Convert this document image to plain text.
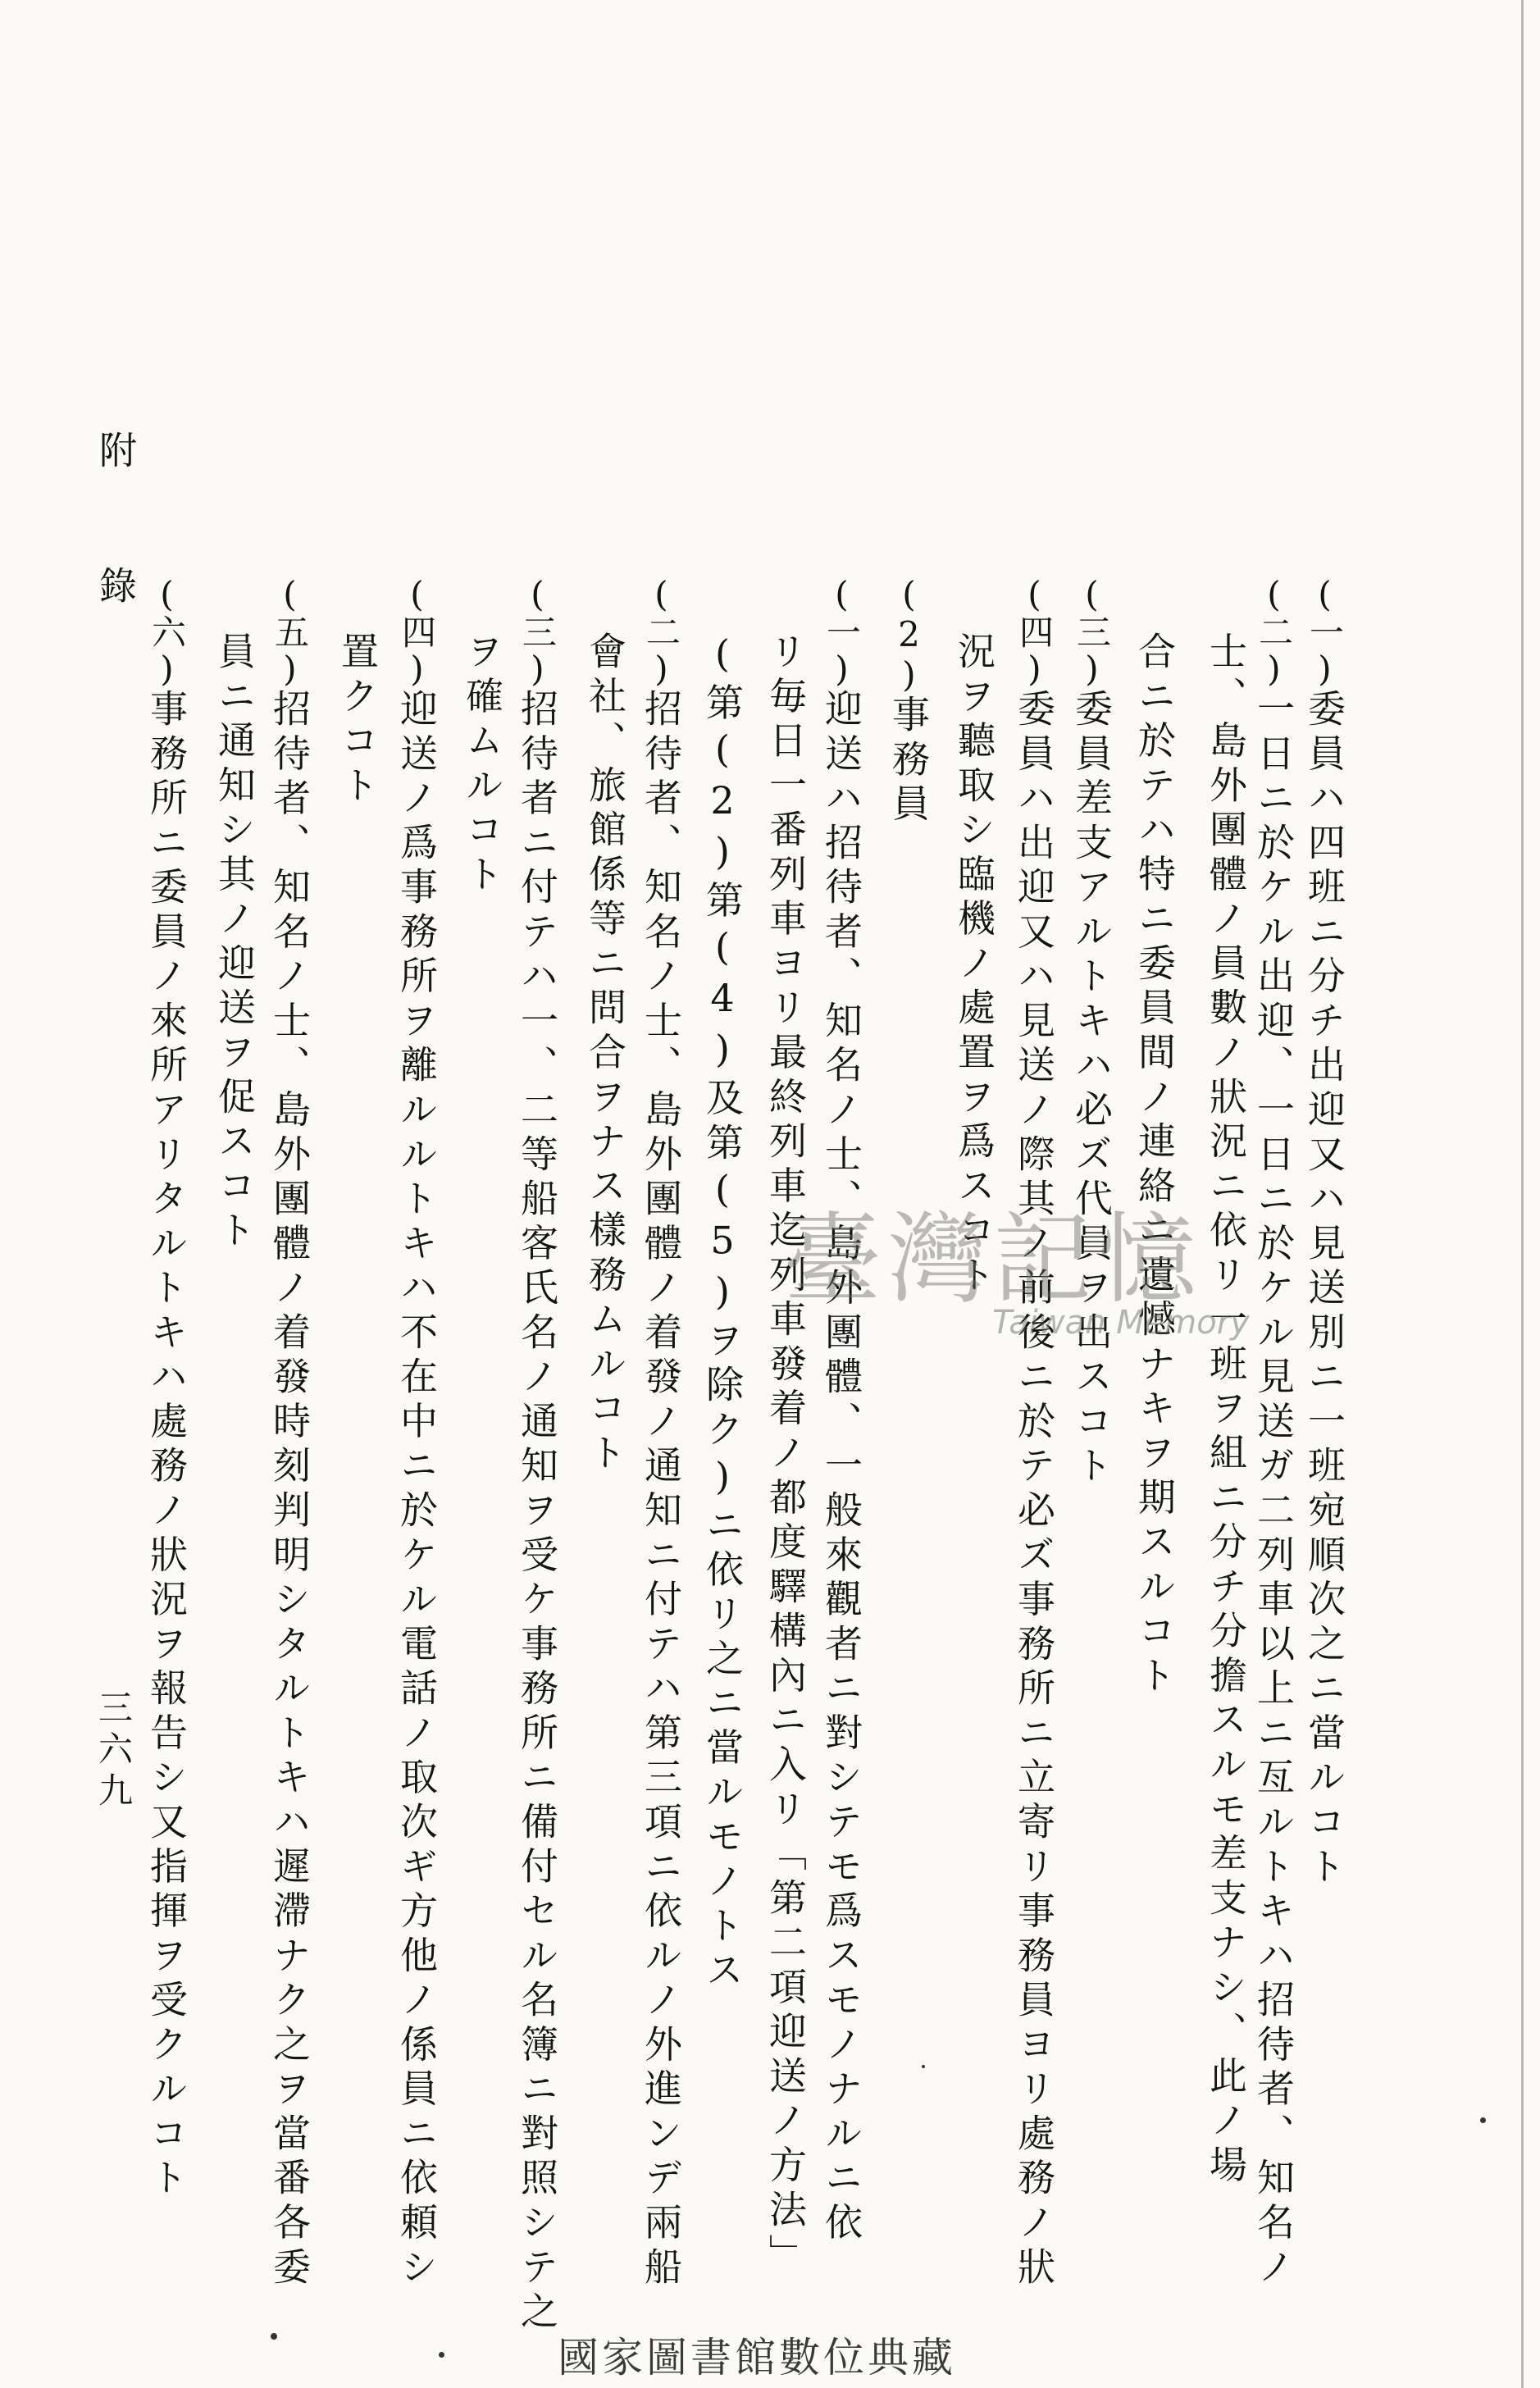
(一)委員ハ四班ニ分チ出迎又ハ見送別ニ一班宛順次之ニ當ルコト
(二)一日ニ於ケル出迎、一日ニ於ケル見送ガ二列車以上ニ亙ルトキハ招待者、知名ノ
士、島外團體ノ員數ノ狀況ニ依リ一班ヲ組ニ分チ分擔スルモ差支ナシ、此ノ場
合ニ於テハ特ニ委員間ノ連絡ニ遺憾ナキヲ期スルコト
(三)委員差支アルトキハ必ズ代員ヲ出スコト
(四)委員ハ出迎又ハ見送ノ際其ノ前後ニ於テ必ズ事務所ニ立寄リ事務員ヨリ處務ノ狀
況ヲ聽取シ臨機ノ處置ヲ爲スコト
(2)事務員
(一)迎送ハ招待者、知名ノ士、島外團體、一般來觀者ニ對シテモ爲スモノナルニ依
リ毎日一番列車ヨリ最終列車迄列車發着ノ都度驛構內ニ入リ「第二項迎送ノ方法」
(第(2)第(4)及第(5)ヲ除ク)ニ依リ之ニ當ルモノトス
(二)招待者、知名ノ士、島外團體ノ着發ノ通知ニ付テハ第三項ニ依ルノ外進ンデ兩船
會社、旅館係等ニ問合ヲナス樣務ムルコト
(三)招待者ニ付テハ一、二等船客氏名ノ通知ヲ受ケ事務所ニ備付セル名簿ニ對照シテ之
ヲ確ムルコト
(四)迎送ノ爲事務所ヲ離ルルトキハ不在中ニ於ケル電話ノ取次ギ方他ノ係員ニ依頼シ
置クコト
(五)招待者、知名ノ士、島外團體ノ着發時刻判明シタルトキハ遲滯ナク之ヲ當番各委
員ニ通知シ其ノ迎送ヲ促スコト
(六)事務所ニ委員ノ來所アリタルトキハ處務ノ狀況ヲ報告シ又指揮ヲ受クルコト
附
錄
三六九
臺灣記憶
Taiwan Memory
國家圖書館數位典藏
